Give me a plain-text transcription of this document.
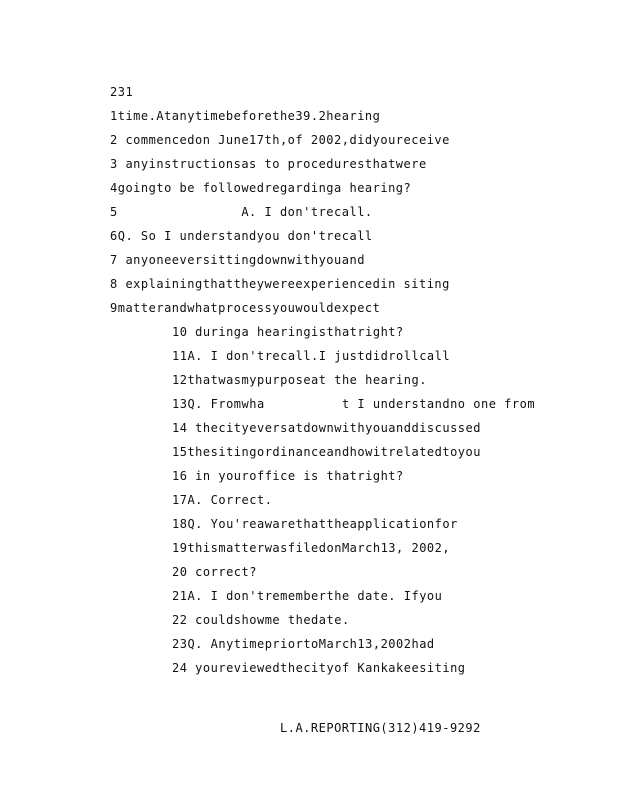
231
1time.Atanytimebeforethe39.2hearing
2 commencedon June17th,of 2002,didyoureceive
3 anyinstructionsas to proceduresthatwere
4goingto be followedregardinga hearing?
5                A. I don'trecall.
6Q. So I understandyou don'trecall
7 anyoneeversittingdownwithyouand
8 explainingthattheywereexperiencedin siting
9matterandwhatprocessyouwouldexpect
10 duringa hearingisthatright?
11A. I don'trecall.I justdidrollcall
12thatwasmypurposeat the hearing.
13Q. Fromwha          t I understandno one from
14 thecityeversatdownwithyouanddiscussed
15thesitingordinanceandhowitrelatedtoyou
16 in youroffice is thatright?
17A. Correct.
18Q. You'reawarethattheapplicationfor
19thismatterwasfiledonMarch13, 2002,
20 correct?
21A. I don'trememberthe date. Ifyou
22 couldshowme thedate.
23Q. AnytimepriortoMarch13,2002had
24 youreviewedthecityof Kankakeesiting
L.A.REPORTING(312)419-9292
